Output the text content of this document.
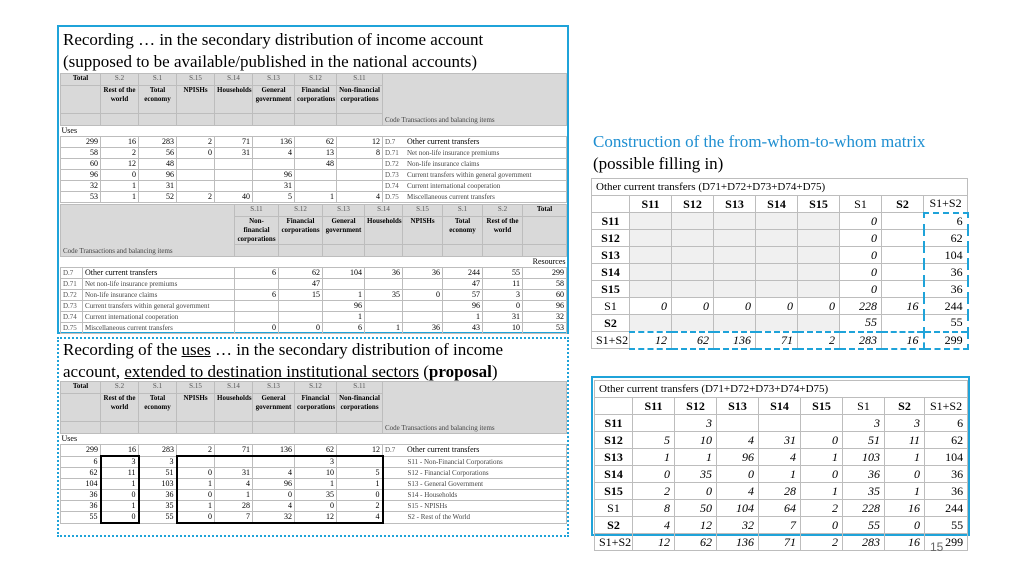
Recording … in the secondary distribution of income account
(supposed to be available/published in the national accounts)
Total	S.2	S.1	S.15	S.14	S.13	S.12	S.11	Code Transactions and balancing items
	Rest of the world	Total economy	NPISHs	Households	General government	Financial corporations	Non-financial corporations	

Uses								
299	16	283	2	71	136	62	12	D.7 Other current transfers
58	2	56	0	31	4	13	8	D.71 Net non-life insurance premiums
60	12	48				48		D.72 Non-life insurance claims
96	0	96			96			D.73 Current transfers within general government
32	1	31			31			D.74 Current international cooperation
53	1	52	2	40	5	1	4	D.75 Miscellaneous current transfers
Code Transactions and balancing items		S.11	S.12	S.13	S.14	S.15	S.1	S.2	Total
		Non-financial corporations	Financial corporations	General government	Households	NPISHs	Total economy	Rest of the world	

Resources									
D.7	Other current transfers	6	62	104	36	36	244	55	299
D.71	Net non-life insurance premiums		47				47	11	58
D.72	Non-life insurance claims	6	15	1	35	0	57	3	60
D.73	Current transfers within general government			96			96	0	96
D.74	Current international cooperation			1			1	31	32
D.75	Miscellaneous current transfers	0	0	6	1	36	43	10	53
Recording of the uses … in the secondary distribution of income
account, extended to destination institutional sectors (proposal)
Total	S.2	S.1	S.15	S.14	S.13	S.12	S.11	Code Transactions and balancing items
	Rest of the world	Total economy	NPISHs	Households	General government	Financial corporations	Non-financial corporations	

Uses								
299	16	283	2	71	136	62	12	D.7 Other current transfers
6	3	3				3		S11 - Non-Financial Corporations
62	11	51	0	31	4	10	5	S12 - Financial Corporations
104	1	103	1	4	96	1	1	S13 - General Government
36	0	36	0	1	0	35	0	S14 - Households
36	1	35	1	28	4	0	2	S15 - NPISHs
55	0	55	0	7	32	12	4	S2 - Rest of the World
Construction of the from-whom-to-whom matrix
(possible filling in)
Other current transfers (D71+D72+D73+D74+D75)								
	S11	S12	S13	S14	S15	S1	S2	S1+S2
S11						0		6
S12						0		62
S13						0		104
S14						0		36
S15						0		36
S1	0	0	0	0	0	228	16	244
S2						55		55
S1+S2	12	62	136	71	2	283	16	299
Other current transfers (D71+D72+D73+D74+D75)								
	S11	S12	S13	S14	S15	S1	S2	S1+S2
S11		3				3	3	6
S12	5	10	4	31	0	51	11	62
S13	1	1	96	4	1	103	1	104
S14	0	35	0	1	0	36	0	36
S15	2	0	4	28	1	35	1	36
S1	8	50	104	64	2	228	16	244
S2	4	12	32	7	0	55	0	55
S1+S2	12	62	136	71	2	283	16	299
15
